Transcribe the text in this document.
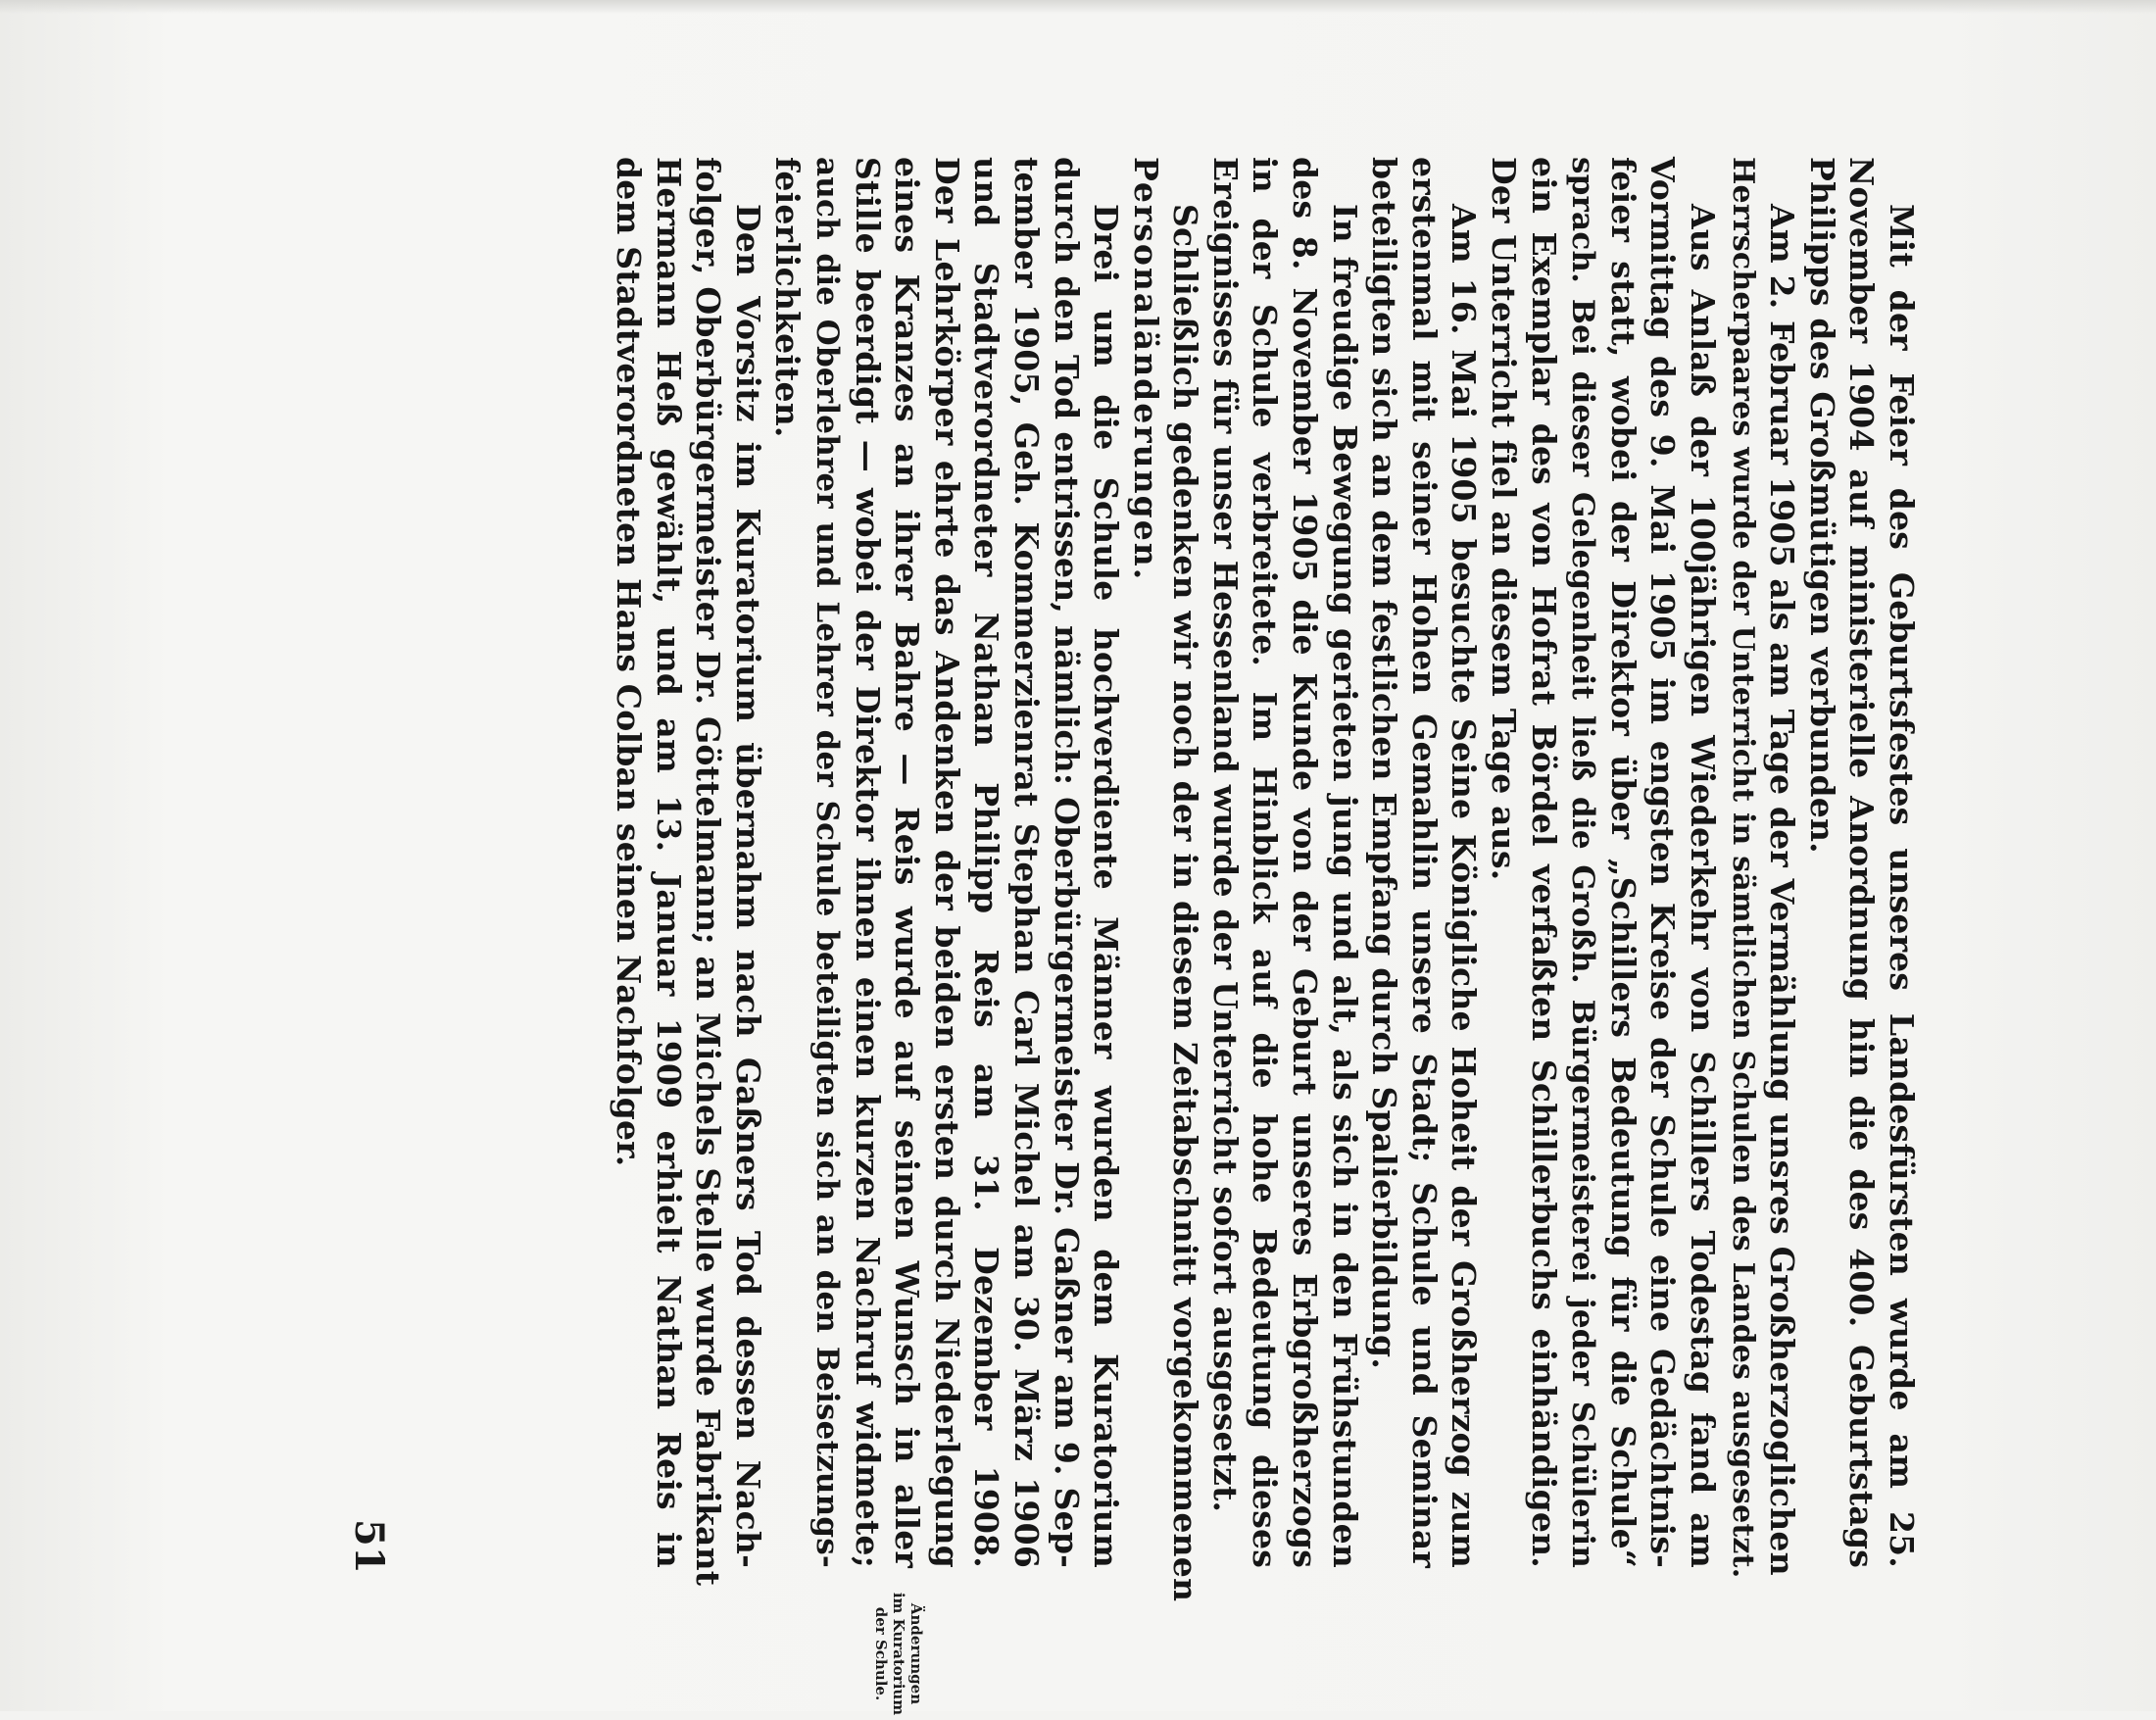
Mit der Feier des Geburtsfestes unseres Landesfürsten wurde am 25.
November 1904 auf ministerielle Anordnung hin die des 400. Geburtstags
Philipps des Großmütigen verbunden.
Am 2. Februar 1905 als am Tage der Vermählung unsres Großherzoglichen
Herrscherpaares wurde der Unterricht in sämtlichen Schulen des Landes ausgesetzt.
Aus Anlaß der 100jährigen Wiederkehr von Schillers Todestag fand am
Vormittag des 9. Mai 1905 im engsten Kreise der Schule eine Gedächtnis-
feier statt, wobei der Direktor über „Schillers Bedeutung für die Schule“
sprach. Bei dieser Gelegenheit ließ die Großh. Bürgermeisterei jeder Schülerin
ein Exemplar des von Hofrat Bördel verfaßten Schillerbuchs einhändigen.
Der Unterricht fiel an diesem Tage aus.
Am 16. Mai 1905 besuchte Seine Königliche Hoheit der Großherzog zum
erstenmal mit seiner Hohen Gemahlin unsere Stadt; Schule und Seminar
beteiligten sich an dem festlichen Empfang durch Spalierbildung.
In freudige Bewegung gerieten jung und alt, als sich in den Frühstunden
des 8. November 1905 die Kunde von der Geburt unseres Erbgroßherzogs
in der Schule verbreitete. Im Hinblick auf die hohe Bedeutung dieses
Ereignisses für unser Hessenland wurde der Unterricht sofort ausgesetzt.
Schließlich gedenken wir noch der in diesem Zeitabschnitt vorgekommenen
Personaländerungen.
Drei um die Schule hochverdiente Männer wurden dem Kuratorium
durch den Tod entrissen, nämlich: Oberbürgermeister Dr. Gaßner am 9. Sep-
tember 1905, Geh. Kommerzienrat Stephan Carl Michel am 30. März 1906
und Stadtverordneter Nathan Philipp Reis am 31. Dezember 1908.
Der Lehrkörper ehrte das Andenken der beiden ersten durch Niederlegung
eines Kranzes an ihrer Bahre — Reis wurde auf seinen Wunsch in aller
Stille beerdigt — wobei der Direktor ihnen einen kurzen Nachruf widmete;
auch die Oberlehrer und Lehrer der Schule beteiligten sich an den Beisetzungs-
feierlichkeiten.
Den Vorsitz im Kuratorium übernahm nach Gaßners Tod dessen Nach-
folger, Oberbürgermeister Dr. Göttelmann; an Michels Stelle wurde Fabrikant
Hermann Heß gewählt, und am 13. Januar 1909 erhielt Nathan Reis in
dem Stadtverordneten Hans Colban seinen Nachfolger.
Änderungen
im Kuratorium
der Schule.
51
